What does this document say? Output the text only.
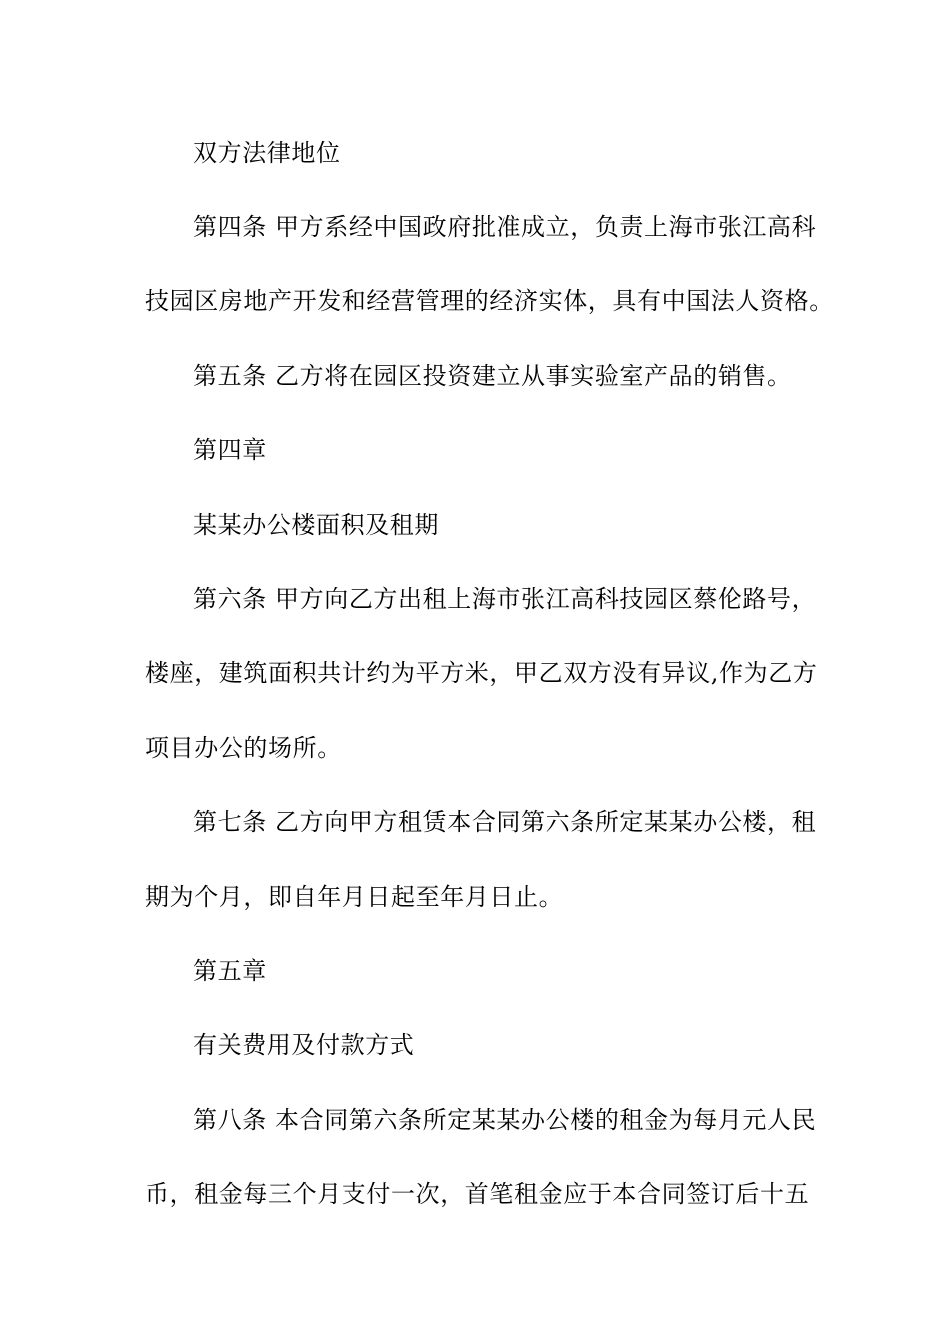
双方法律地位
第四条 甲方系经中国政府批准成立，负责上海市张江高科
技园区房地产开发和经营管理的经济实体，具有中国法人资格。
第五条 乙方将在园区投资建立从事实验室产品的销售。
第四章
某某办公楼面积及租期
第六条 甲方向乙方出租上海市张江高科技园区蔡伦路号，
楼座，建筑面积共计约为平方米，甲乙双方没有异议,作为乙方
项目办公的场所。
第七条 乙方向甲方租赁本合同第六条所定某某办公楼，租
期为个月，即自年月日起至年月日止。
第五章
有关费用及付款方式
第八条 本合同第六条所定某某办公楼的租金为每月元人民
币，租金每三个月支付一次，首笔租金应于本合同签订后十五
